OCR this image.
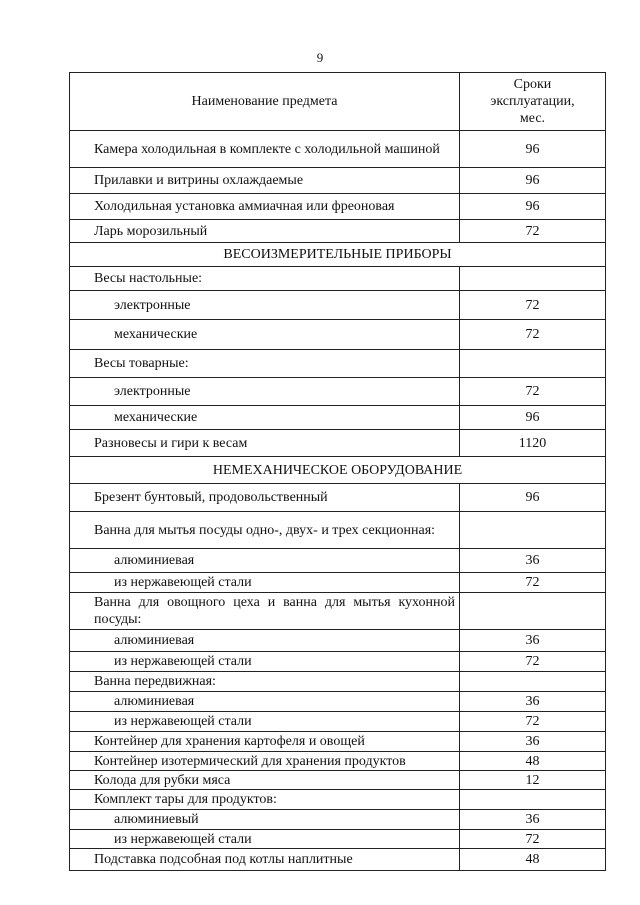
9
Наименование предмета	Сроки
эксплуатации,
мес.

Камера холодильная в комплекте с холодильной машиной	96
Прилавки и витрины охлаждаемые	96
Холодильная установка аммиачная или фреоновая	96
Ларь морозильный	72
ВЕСОИЗМЕРИТЕЛЬНЫЕ ПРИБОРЫ	
Весы настольные:	
электронные	72
механические	72
Весы товарные:	
электронные	72
механические	96
Разновесы и гири к весам	1120
НЕМЕХАНИЧЕСКОЕ ОБОРУДОВАНИЕ	
Брезент бунтовый, продовольственный	96
Ванна для мытья посуды одно-, двух- и трех секционная:	
алюминиевая	36
из нержавеющей стали	72
Ванна для овощного цеха и ванна для мытья кухонной посуды:	
алюминиевая	36
из нержавеющей стали	72
Ванна передвижная:	
алюминиевая	36
из нержавеющей стали	72
Контейнер для хранения картофеля и овощей	36
Контейнер изотермический для хранения продуктов	48
Колода для рубки мяса	12
Комплект тары для продуктов:	
алюминиевый	36
из нержавеющей стали	72
Подставка подсобная под котлы наплитные	48
